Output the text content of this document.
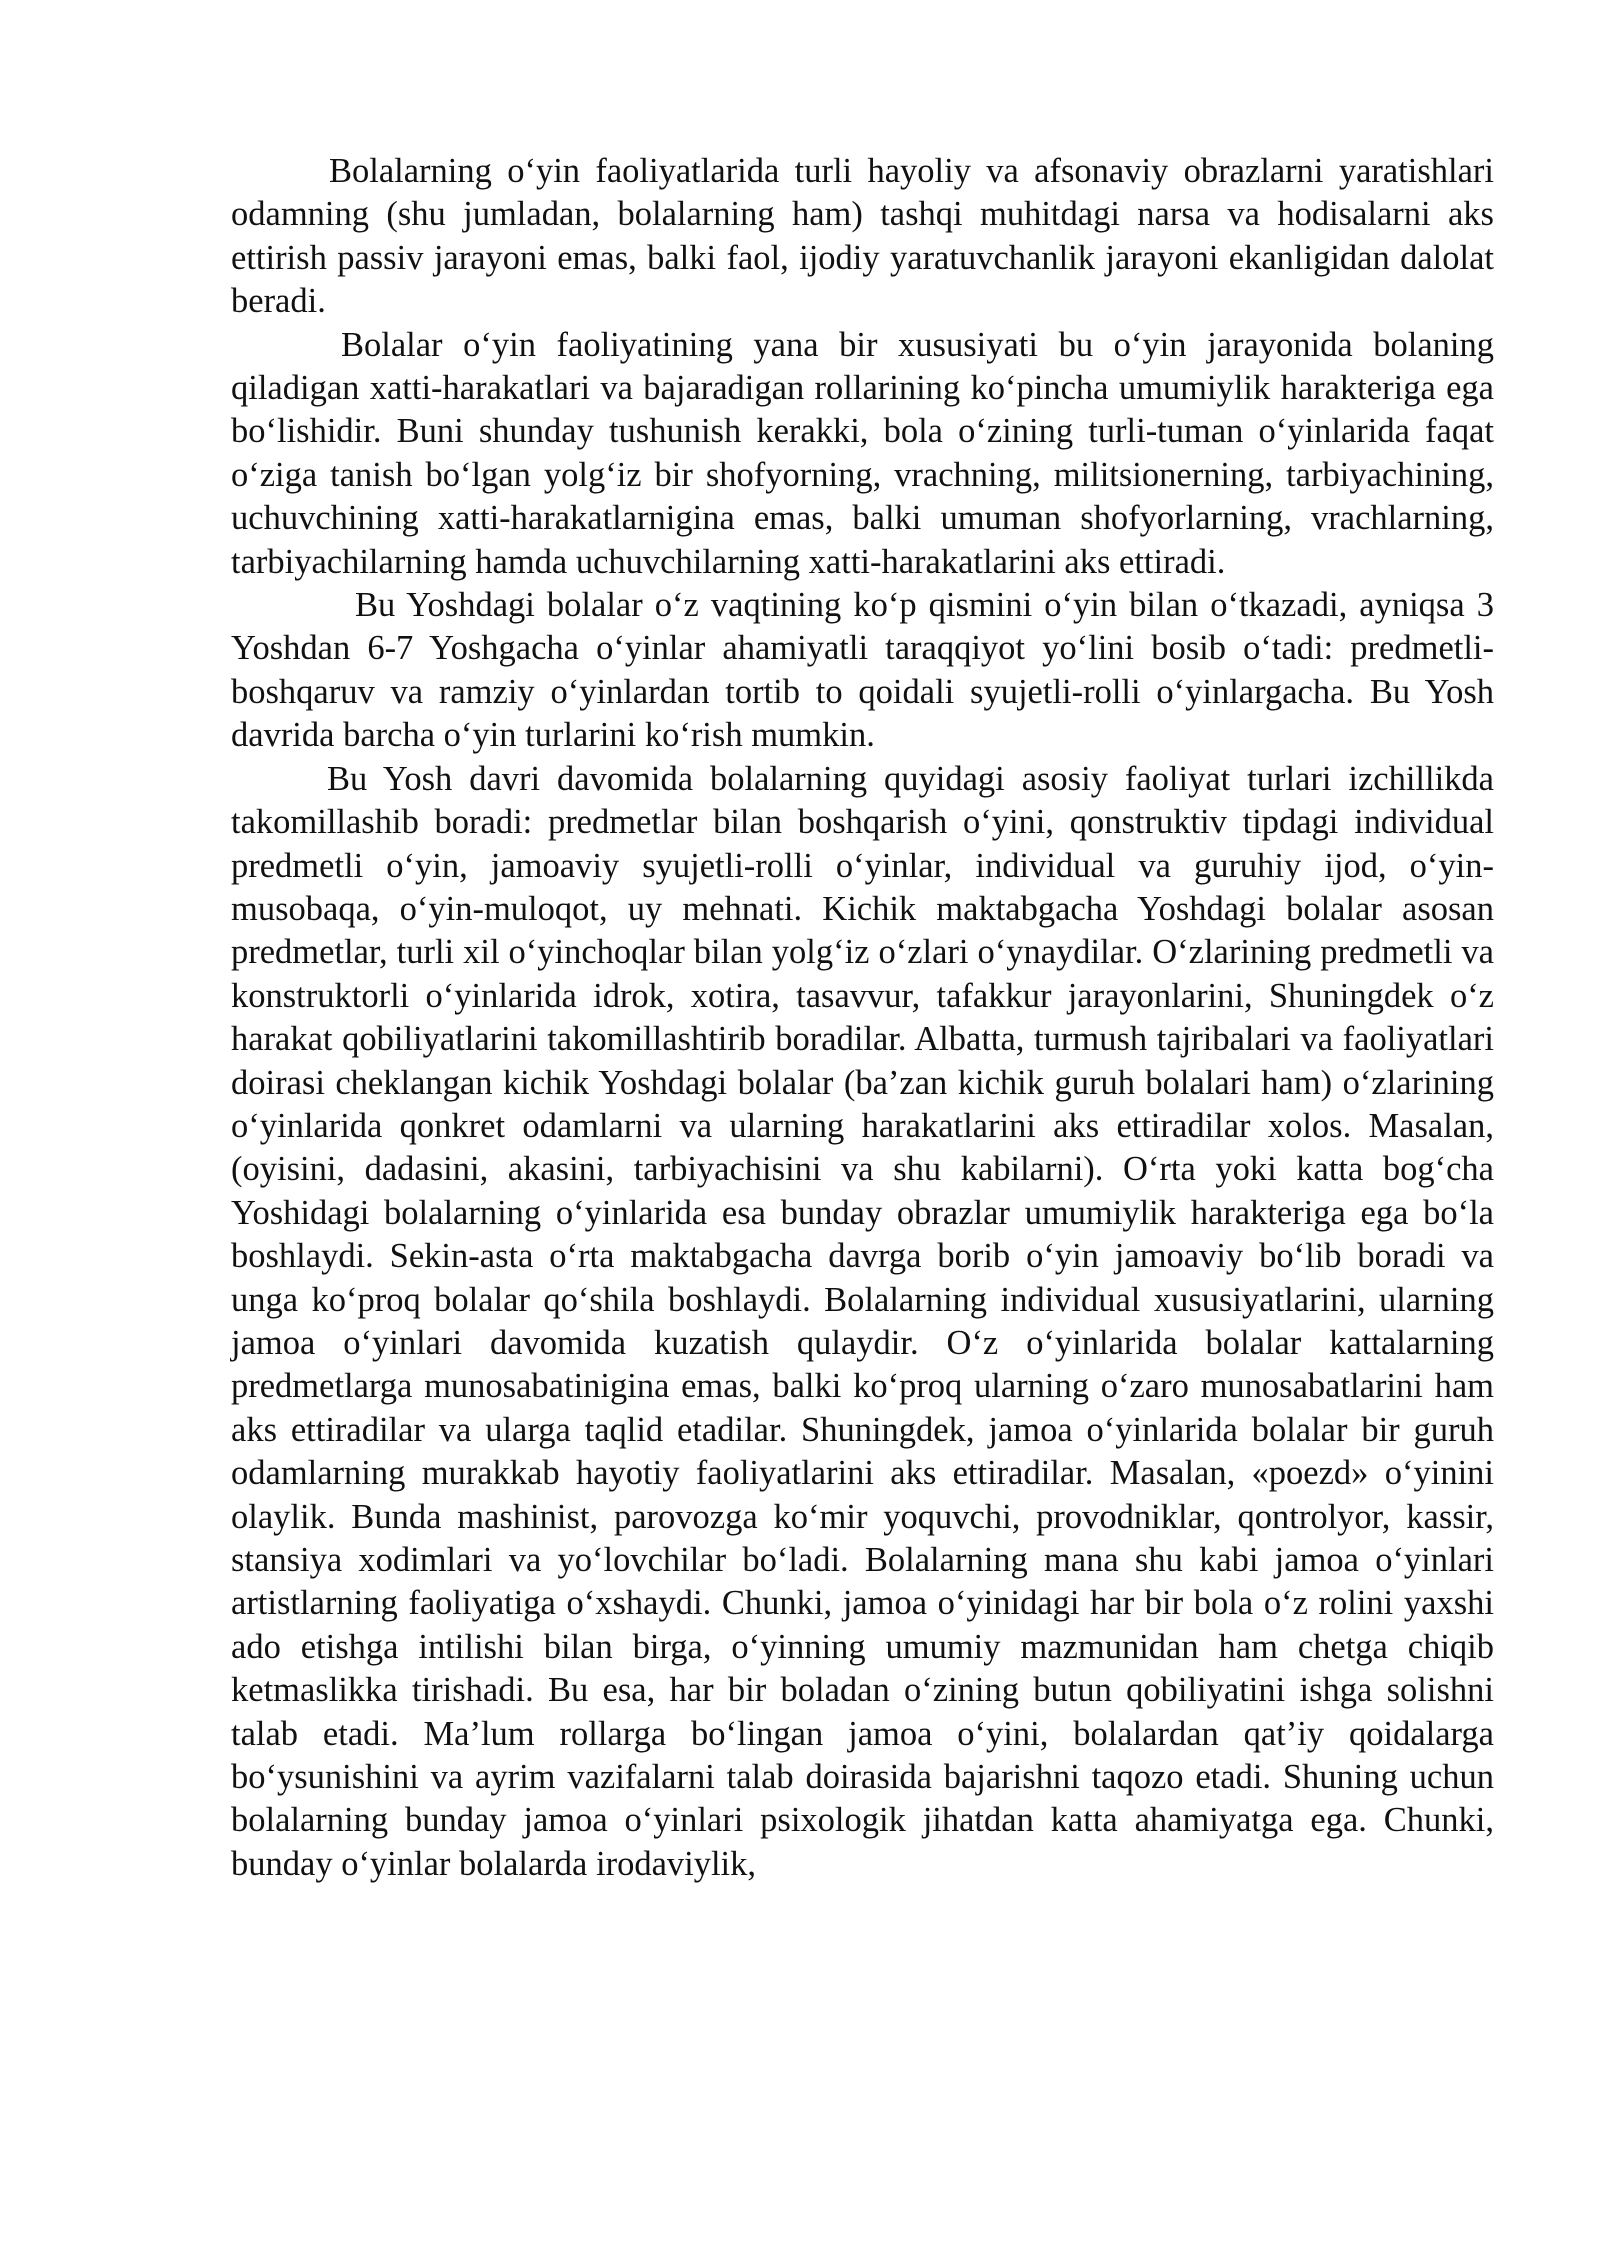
Bolalarning o‘yin faoliyatlarida turli hayoliy va afsonaviy obrazlarni yaratishlari odamning (shu jumladan, bolalarning ham) tashqi muhitdagi narsa va hodisalarni aks ettirish passiv jarayoni emas, balki faol, ijodiy yaratuvchanlik jarayoni ekanligidan dalolat beradi.

Bolalar o‘yin faoliyatining yana bir xususiyati bu o‘yin jarayonida bolaning qiladigan xatti-harakatlari va bajaradigan rollarining ko‘pincha umumiylik harakteriga ega bo‘lishidir. Buni shunday tushunish kerakki, bola o‘zining turli-tuman o‘yinlarida faqat o‘ziga tanish bo‘lgan yolg‘iz bir shofyorning, vrachning, militsionerning, tarbiyachining, uchuvchining xatti-harakatlarnigina emas, balki umuman shofyorlarning, vrachlarning, tarbiyachilarning hamda uchuvchilarning xatti-harakatlarini aks ettiradi.

Bu Yoshdagi bolalar o‘z vaqtining ko‘p qismini o‘yin bilan o‘tkazadi, ayniqsa 3 Yoshdan 6-7 Yoshgacha o‘yinlar ahamiyatli taraqqiyot yo‘lini bosib o‘tadi: predmetli-boshqaruv va ramziy o‘yinlardan tortib to qoidali syujetli-rolli o‘yinlargacha. Bu Yosh davrida barcha o‘yin turlarini ko‘rish mumkin.

Bu Yosh davri davomida bolalarning quyidagi asosiy faoliyat turlari izchillikda takomillashib boradi: predmetlar bilan boshqarish o‘yini, qonstruktiv tipdagi individual predmetli o‘yin, jamoaviy syujetli-rolli o‘yinlar, individual va guruhiy ijod, o‘yin-musobaqa, o‘yin-muloqot, uy mehnati. Kichik maktabgacha Yoshdagi bolalar asosan predmetlar, turli xil o‘yinchoqlar bilan yolg‘iz o‘zlari o‘ynaydilar. O‘zlarining predmetli va konstruktorli o‘yinlarida idrok, xotira, tasavvur, tafakkur jarayonlarini, Shuningdek o‘z harakat qobiliyatlarini takomillashtirib boradilar. Albatta, turmush tajribalari va faoliyatlari doirasi cheklangan kichik Yoshdagi bolalar (ba’zan kichik guruh bolalari ham) o‘zlarining o‘yinlarida qonkret odamlarni va ularning harakatlarini aks ettiradilar xolos. Masalan, (oyisini, dadasini, akasini, tarbiyachisini va shu kabilarni). O‘rta yoki katta bog‘cha Yoshidagi bolalarning o‘yinlarida esa bunday obrazlar umumiylik harakteriga ega bo‘la boshlaydi. Sekin-asta o‘rta maktabgacha davrga borib o‘yin jamoaviy bo‘lib boradi va unga ko‘proq bolalar qo‘shila boshlaydi. Bolalarning individual xususiyatlarini, ularning jamoa o‘yinlari davomida kuzatish qulaydir. O‘z o‘yinlarida bolalar kattalarning predmetlarga munosabatinigina emas, balki ko‘proq ularning o‘zaro munosabatlarini ham aks ettiradilar va ularga taqlid etadilar. Shuningdek, jamoa o‘yinlarida bolalar bir guruh odamlarning murakkab hayotiy faoliyatlarini aks ettiradilar. Masalan, «poezd» o‘yinini olaylik. Bunda mashinist, parovozga ko‘mir yoquvchi, provodniklar, qontrolyor, kassir, stansiya xodimlari va yo‘lovchilar bo‘ladi. Bolalarning mana shu kabi jamoa o‘yinlari artistlarning faoliyatiga o‘xshaydi. Chunki, jamoa o‘yinidagi har bir bola o‘z rolini yaxshi ado etishga intilishi bilan birga, o‘yinning umumiy mazmunidan ham chetga chiqib ketmaslikka tirishadi. Bu esa, har bir boladan o‘zining butun qobiliyatini ishga solishni talab etadi. Ma’lum rollarga bo‘lingan jamoa o‘yini, bolalardan qat’iy qoidalarga bo‘ysunishini va ayrim vazifalarni talab doirasida bajarishni taqozo etadi. Shuning uchun bolalarning bunday jamoa o‘yinlari psixologik jihatdan katta ahamiyatga ega. Chunki, bunday o‘yinlar bolalarda irodaviylik,
